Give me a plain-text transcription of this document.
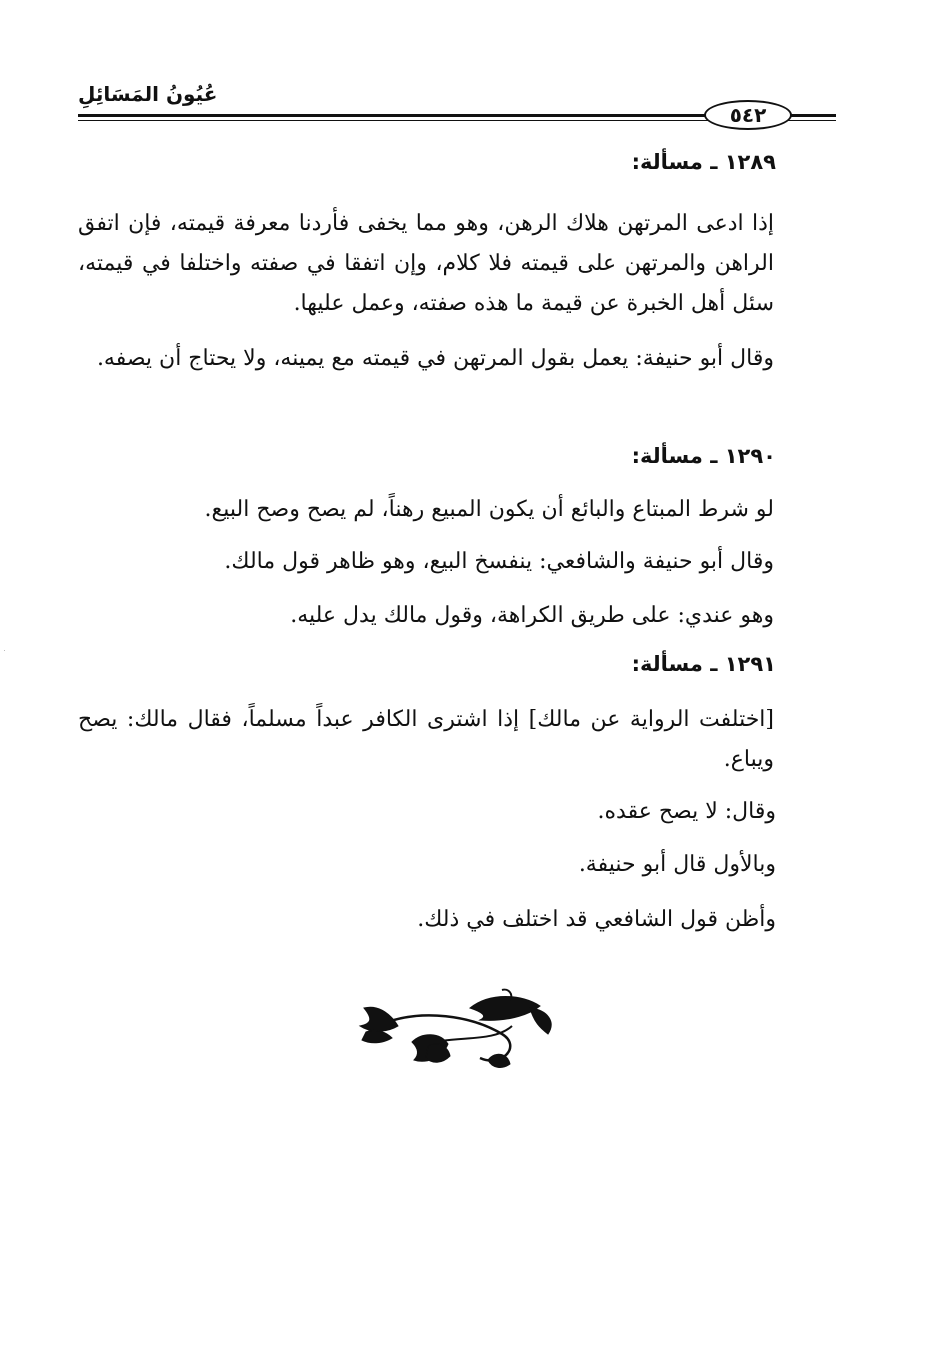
عُيُونُ المَسَائِلِ
٥٤٢
١٢٨٩ ـ مسألة:
إذا ادعى المرتهن هلاك الرهن، وهو مما يخفى فأردنا معرفة قيمته، فإن اتفق الراهن والمرتهن على قيمته فلا كلام، وإن اتفقا في صفته واختلفا في قيمته، سئل أهل الخبرة عن قيمة ما هذه صفته، وعمل عليها.
وقال أبو حنيفة: يعمل بقول المرتهن في قيمته مع يمينه، ولا يحتاج أن يصفه.
١٢٩٠ ـ مسألة:
لو شرط المبتاع والبائع أن يكون المبيع رهناً، لم يصح وصح البيع.
وقال أبو حنيفة والشافعي: ينفسخ البيع، وهو ظاهر قول مالك.
وهو عندي: على طريق الكراهة، وقول مالك يدل عليه.
١٢٩١ ـ مسألة:
[اختلفت الرواية عن مالك] إذا اشترى الكافر عبداً مسلماً، فقال مالك: يصح ويباع.
وقال: لا يصح عقده.
وبالأول قال أبو حنيفة.
وأظن قول الشافعي قد اختلف في ذلك.
